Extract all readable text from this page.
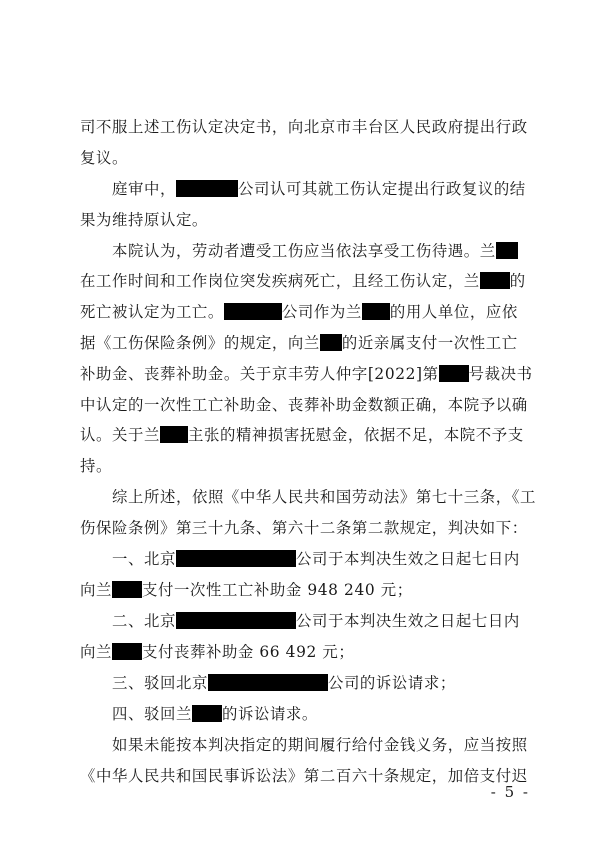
司不服上述工伤认定决定书，向北京市丰台区人民政府提出行政
复议。
庭审中，	公司认可其就工伤认定提出行政复议的结
果为维持原认定。
本院认为，劳动者遭受工伤应当依法享受工伤待遇。兰
在工作时间和工作岗位突发疾病死亡，且经工伤认定，兰 的
死亡被认定为工亡。	公司作为兰 的用人单位，应依
据《工伤保险条例》的规定，向兰 的近亲属支付一次性工亡
补助金、丧葬补助金。关于京丰劳人仲字[2022]第 号裁决书
中认定的一次性工亡补助金、丧葬补助金数额正确，本院予以确
认。关于兰 主张的精神损害抚慰金，依据不足，本院不予支
持。
综上所述，依照《中华人民共和国劳动法》第七十三条，《工
伤保险条例》第三十九条、第六十二条第二款规定，判决如下：
一、北京	公司于本判决生效之日起七日内
向兰 支付一次性工亡补助金 948 240 元；
二、北京	公司于本判决生效之日起七日内
向兰 支付丧葬补助金 66 492 元；
三、驳回北京	公司的诉讼请求；
四、驳回兰 的诉讼请求。
如果未能按本判决指定的期间履行给付金钱义务，应当按照
《中华人民共和国民事诉讼法》第二百六十条规定，加倍支付迟
- 5 -
